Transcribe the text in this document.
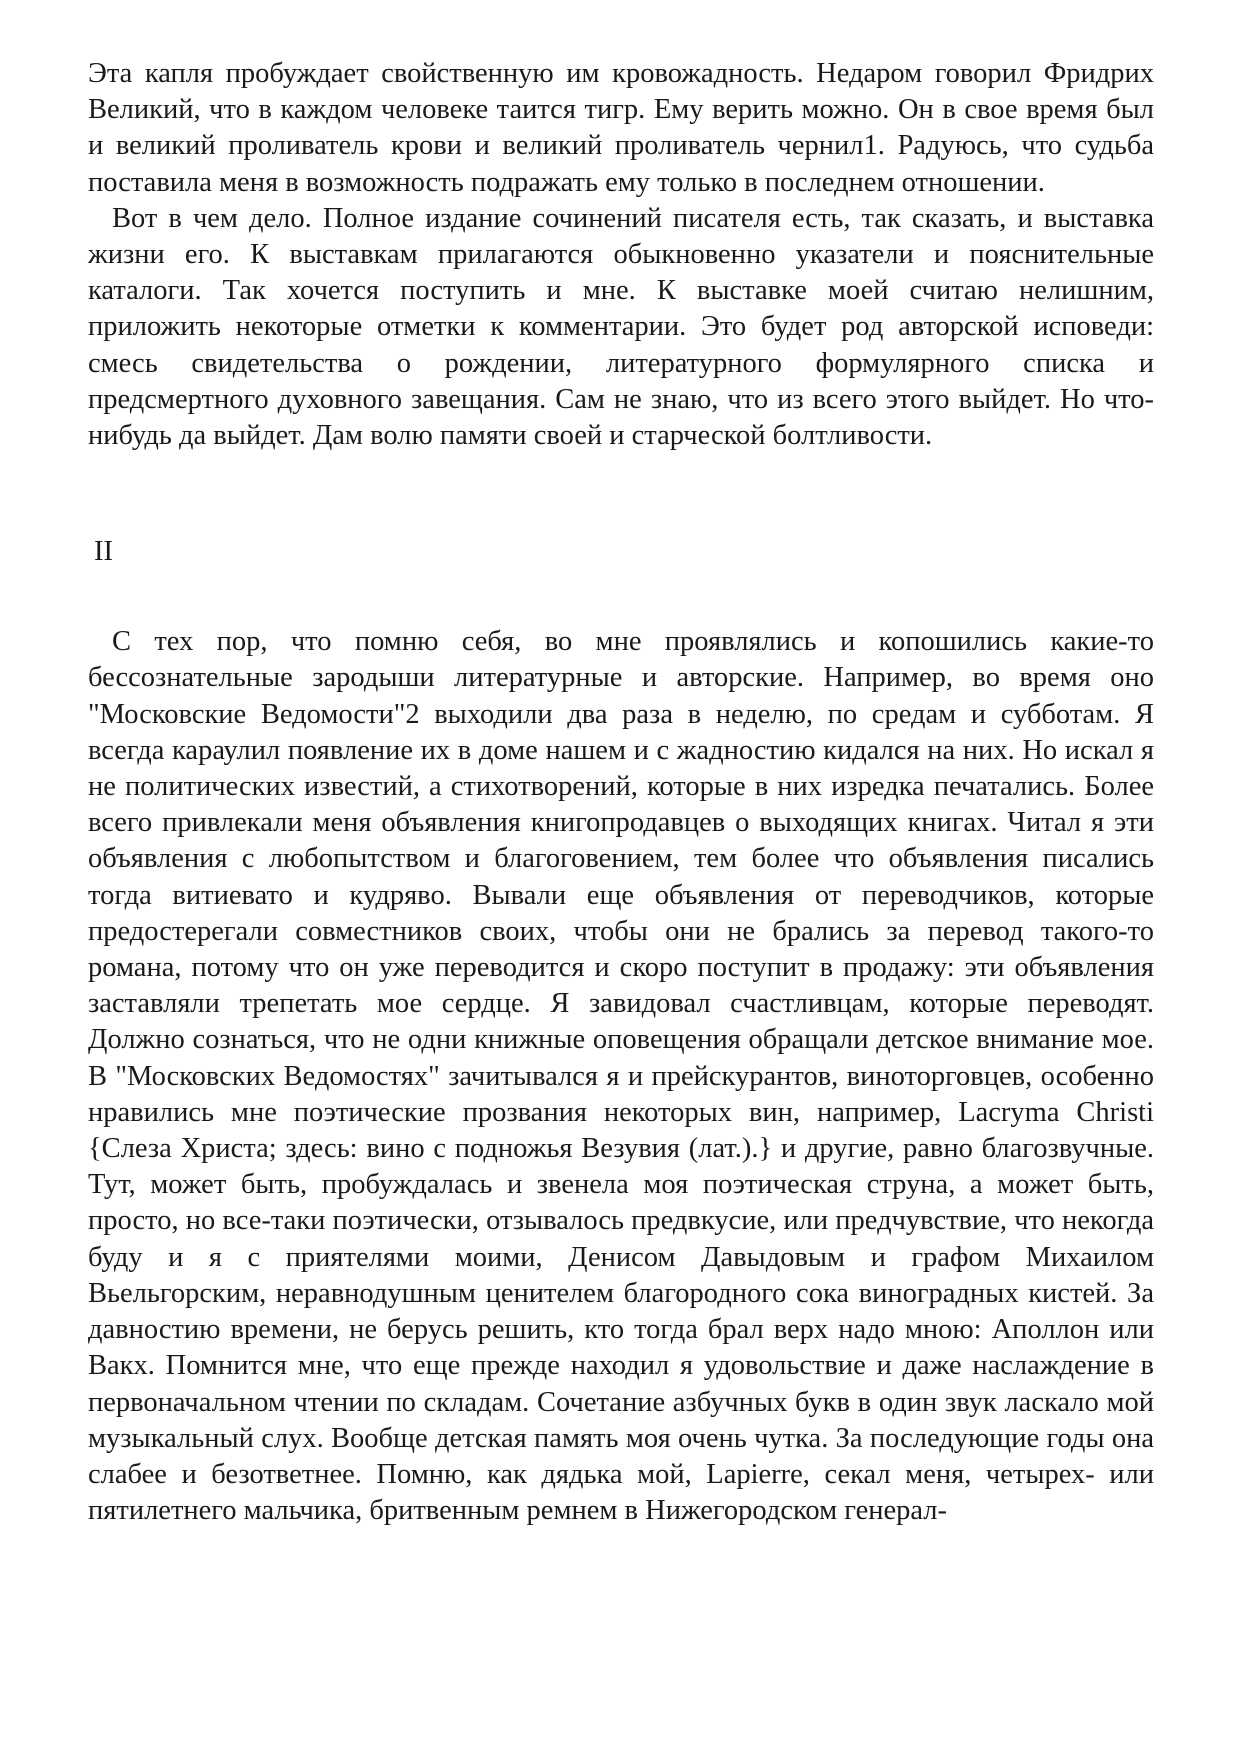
Эта капля пробуждает свойственную им кровожадность. Недаром говорил Фридрих Великий, что в каждом человеке таится тигр. Ему верить можно. Он в свое время был и великий проливатель крови и великий проливатель чернил1. Радуюсь, что судьба поставила меня в возможность подражать ему только в последнем отношении.

Вот в чем дело. Полное издание сочинений писателя есть, так сказать, и выставка жизни его. К выставкам прилагаются обыкновенно указатели и пояснительные каталоги. Так хочется поступить и мне. К выставке моей считаю нелишним, приложить некоторые отметки к комментарии. Это будет род авторской исповеди: смесь свидетельства о рождении, литературного формулярного списка и предсмертного духовного завещания. Сам не знаю, что из всего этого выйдет. Но что-нибудь да выйдет. Дам волю памяти своей и старческой болтливости.

II

С тех пор, что помню себя, во мне проявлялись и копошились какие-то бессознательные зародыши литературные и авторские. Например, во время оно "Московские Ведомости"2 выходили два раза в неделю, по средам и субботам. Я всегда караулил появление их в доме нашем и с жадностию кидался на них. Но искал я не политических известий, а стихотворений, которые в них изредка печатались. Более всего привлекали меня объявления книгопродавцев о выходящих книгах. Читал я эти объявления с любопытством и благоговением, тем более что объявления писались тогда витиевато и кудряво. Вывали еще объявления от переводчиков, которые предостерегали совместников своих, чтобы они не брались за перевод такого-то романа, потому что он уже переводится и скоро поступит в продажу: эти объявления заставляли трепетать мое сердце. Я завидовал счастливцам, которые переводят. Должно сознаться, что не одни книжные оповещения обращали детское внимание мое. В "Московских Ведомостях" зачитывался я и прейскурантов, виноторговцев, особенно нравились мне поэтические прозвания некоторых вин, например, Lacryma Christi {Слеза Христа; здесь: вино с подножья Везувия (лат.).} и другие, равно благозвучные. Тут, может быть, пробуждалась и звенела моя поэтическая струна, а может быть, просто, но все-таки поэтически, отзывалось предвкусие, или предчувствие, что некогда буду и я с приятелями моими, Денисом Давыдовым и графом Михаилом Вьельгорским, неравнодушным ценителем благородного сока виноградных кистей. За давностию времени, не берусь решить, кто тогда брал верх надо мною: Аполлон или Вакх. Помнится мне, что еще прежде находил я удовольствие и даже наслаждение в первоначальном чтении по складам. Сочетание азбучных букв в один звук ласкало мой музыкальный слух. Вообще детская память моя очень чутка. За последующие годы она слабее и безответнее. Помню, как дядька мой, Lapierre, секал меня, четырех- или пятилетнего мальчика, бритвенным ремнем в Нижегородском генерал-
